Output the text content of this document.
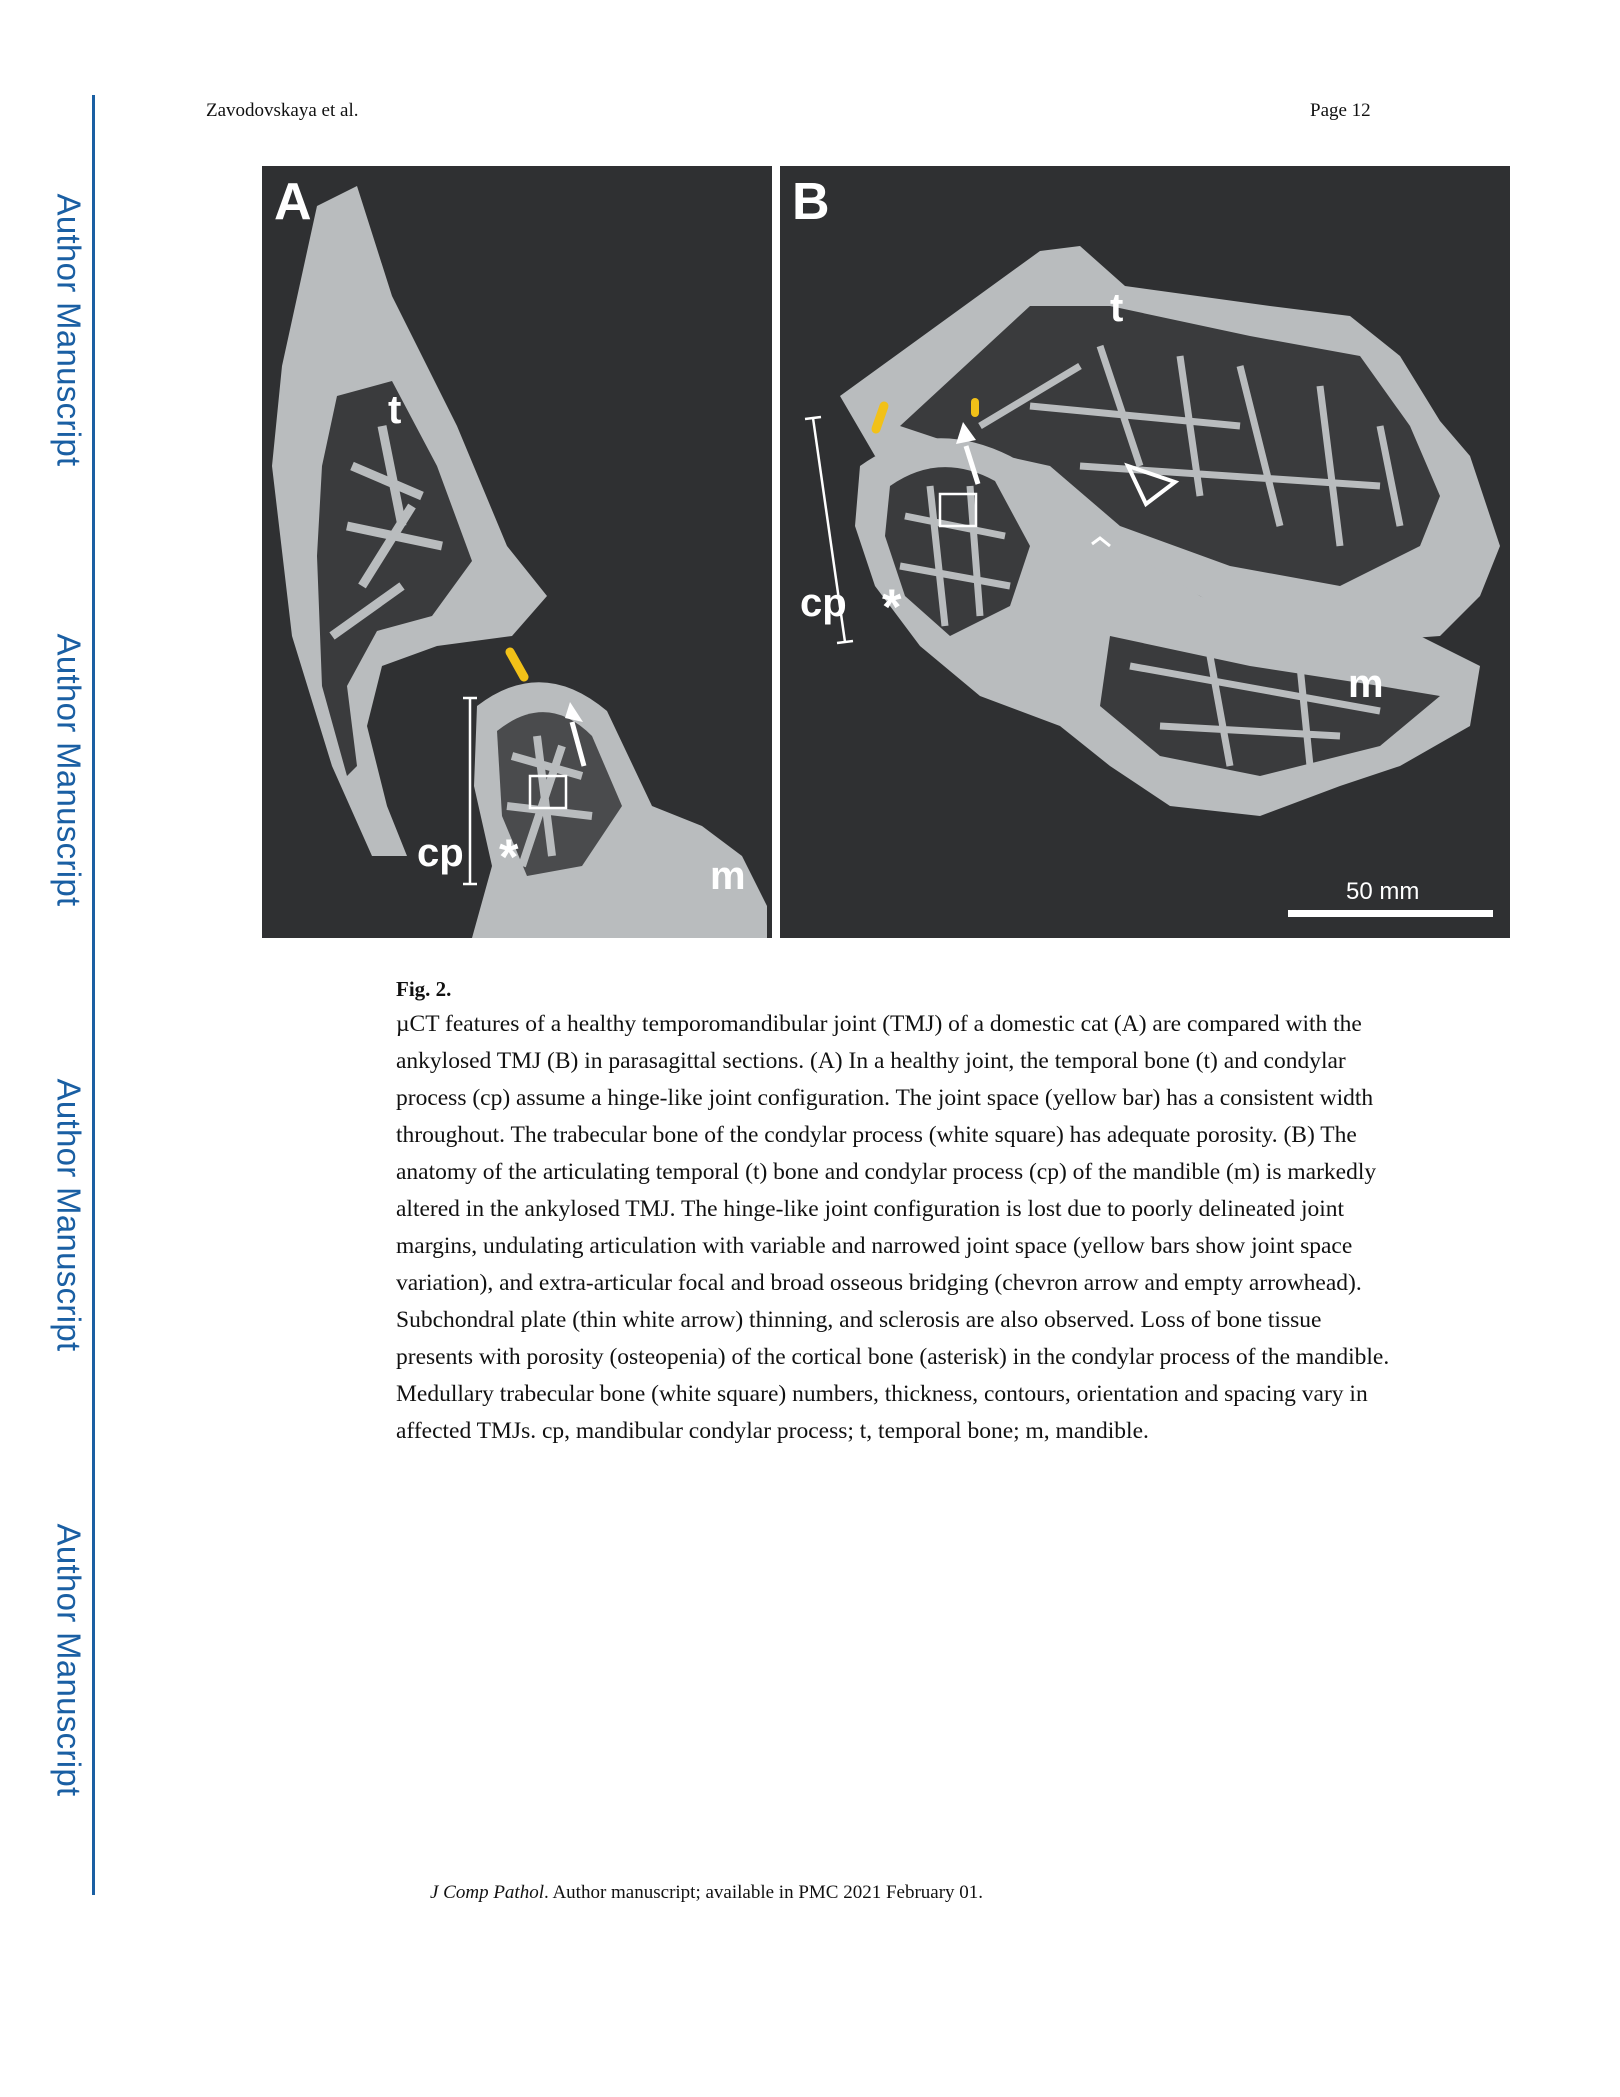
Author Manuscript
Author Manuscript
Author Manuscript
Author Manuscript
Zavodovskaya et al.	Page 12
A
t
cp *	m
B
t
cp *
m
50 mm
Fig. 2.
µCT features of a healthy temporomandibular joint (TMJ) of a domestic cat (A) are compared with the ankylosed TMJ (B) in parasagittal sections. (A) In a healthy joint, the temporal bone (t) and condylar process (cp) assume a hinge-like joint configuration. The joint space (yellow bar) has a consistent width throughout. The trabecular bone of the condylar process (white square) has adequate porosity. (B) The anatomy of the articulating temporal (t) bone and condylar process (cp) of the mandible (m) is markedly altered in the ankylosed TMJ. The hinge-like joint configuration is lost due to poorly delineated joint margins, undulating articulation with variable and narrowed joint space (yellow bars show joint space variation), and extra-articular focal and broad osseous bridging (chevron arrow and empty arrowhead). Subchondral plate (thin white arrow) thinning, and sclerosis are also observed. Loss of bone tissue presents with porosity (osteopenia) of the cortical bone (asterisk) in the condylar process of the mandible. Medullary trabecular bone (white square) numbers, thickness, contours, orientation and spacing vary in affected TMJs. cp, mandibular condylar process; t, temporal bone; m, mandible.
J Comp Pathol. Author manuscript; available in PMC 2021 February 01.
